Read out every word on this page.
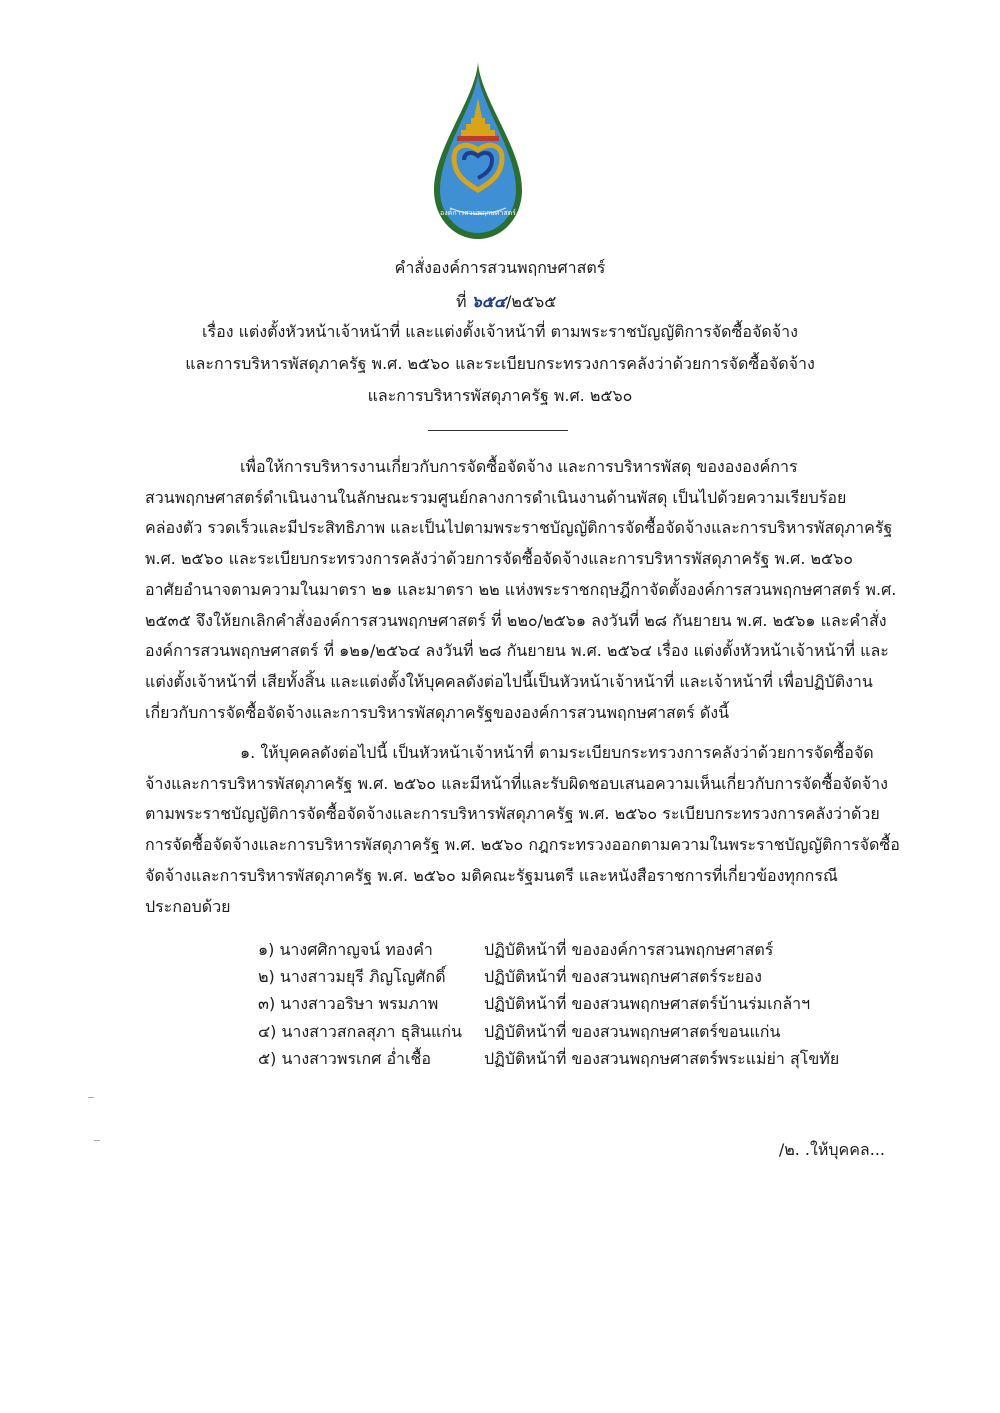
องค์การสวนพฤกษศาสตร์
คำสั่งองค์การสวนพฤกษศาสตร์
ที่ ๖๕๔/๒๕๖๕
เรื่อง แต่งตั้งหัวหน้าเจ้าหน้าที่ และแต่งตั้งเจ้าหน้าที่ ตามพระราชบัญญัติการจัดซื้อจัดจ้าง
และการบริหารพัสดุภาครัฐ พ.ศ. ๒๕๖๐ และระเบียบกระทรวงการคลังว่าด้วยการจัดซื้อจัดจ้าง
และการบริหารพัสดุภาครัฐ พ.ศ. ๒๕๖๐
เพื่อให้การบริหารงานเกี่ยวกับการจัดซื้อจัดจ้าง และการบริหารพัสดุ ของององค์การ
สวนพฤกษศาสตร์ดำเนินงานในลักษณะรวมศูนย์กลางการดำเนินงานด้านพัสดุ เป็นไปด้วยความเรียบร้อย
คล่องตัว รวดเร็วและมีประสิทธิภาพ และเป็นไปตามพระราชบัญญัติการจัดซื้อจัดจ้างและการบริหารพัสดุภาครัฐ
พ.ศ. ๒๕๖๐ และระเบียบกระทรวงการคลังว่าด้วยการจัดซื้อจัดจ้างและการบริหารพัสดุภาครัฐ พ.ศ. ๒๕๖๐
อาศัยอำนาจตามความในมาตรา ๒๑ และมาตรา ๒๒ แห่งพระราชกฤษฎีกาจัดตั้งองค์การสวนพฤกษศาสตร์ พ.ศ.
๒๕๓๕ จึงให้ยกเลิกคำสั่งองค์การสวนพฤกษศาสตร์ ที่ ๒๒๐/๒๕๖๑ ลงวันที่ ๒๘ กันยายน พ.ศ. ๒๕๖๑ และคำสั่ง
องค์การสวนพฤกษศาสตร์ ที่ ๑๒๑/๒๕๖๔ ลงวันที่ ๒๘ กันยายน พ.ศ. ๒๕๖๔ เรื่อง แต่งตั้งหัวหน้าเจ้าหน้าที่ และ
แต่งตั้งเจ้าหน้าที่ เสียทั้งสิ้น และแต่งตั้งให้บุคคลดังต่อไปนี้เป็นหัวหน้าเจ้าหน้าที่ และเจ้าหน้าที่ เพื่อปฏิบัติงาน
เกี่ยวกับการจัดซื้อจัดจ้างและการบริหารพัสดุภาครัฐขององค์การสวนพฤกษศาสตร์ ดังนี้
๑. ให้บุคคลดังต่อไปนี้ เป็นหัวหน้าเจ้าหน้าที่ ตามระเบียบกระทรวงการคลังว่าด้วยการจัดซื้อจัด
จ้างและการบริหารพัสดุภาครัฐ พ.ศ. ๒๕๖๐ และมีหน้าที่และรับผิดชอบเสนอความเห็นเกี่ยวกับการจัดซื้อจัดจ้าง
ตามพระราชบัญญัติการจัดซื้อจัดจ้างและการบริหารพัสดุภาครัฐ พ.ศ. ๒๕๖๐ ระเบียบกระทรวงการคลังว่าด้วย
การจัดซื้อจัดจ้างและการบริหารพัสดุภาครัฐ พ.ศ. ๒๕๖๐ กฎกระทรวงออกตามความในพระราชบัญญัติการจัดซื้อ
จัดจ้างและการบริหารพัสดุภาครัฐ พ.ศ. ๒๕๖๐ มติคณะรัฐมนตรี และหนังสือราชการที่เกี่ยวข้องทุกกรณี
ประกอบด้วย
๑) นางศศิกาญจน์ ทองคำ	ปฏิบัติหน้าที่ ขององค์การสวนพฤกษศาสตร์
๒) นางสาวมยุรี ภิญโญศักดิ์	ปฏิบัติหน้าที่ ของสวนพฤกษศาสตร์ระยอง
๓) นางสาวอริษา พรมภาพ	ปฏิบัติหน้าที่ ของสวนพฤกษศาสตร์บ้านร่มเกล้าฯ
๔) นางสาวสกลสุภา ธุสินแก่น	ปฏิบัติหน้าที่ ของสวนพฤกษศาสตร์ขอนแก่น
๕) นางสาวพรเกศ อ่ำเชื้อ	ปฏิบัติหน้าที่ ของสวนพฤกษศาสตร์พระแม่ย่า สุโขทัย
/๒. .ให้บุคคล...
